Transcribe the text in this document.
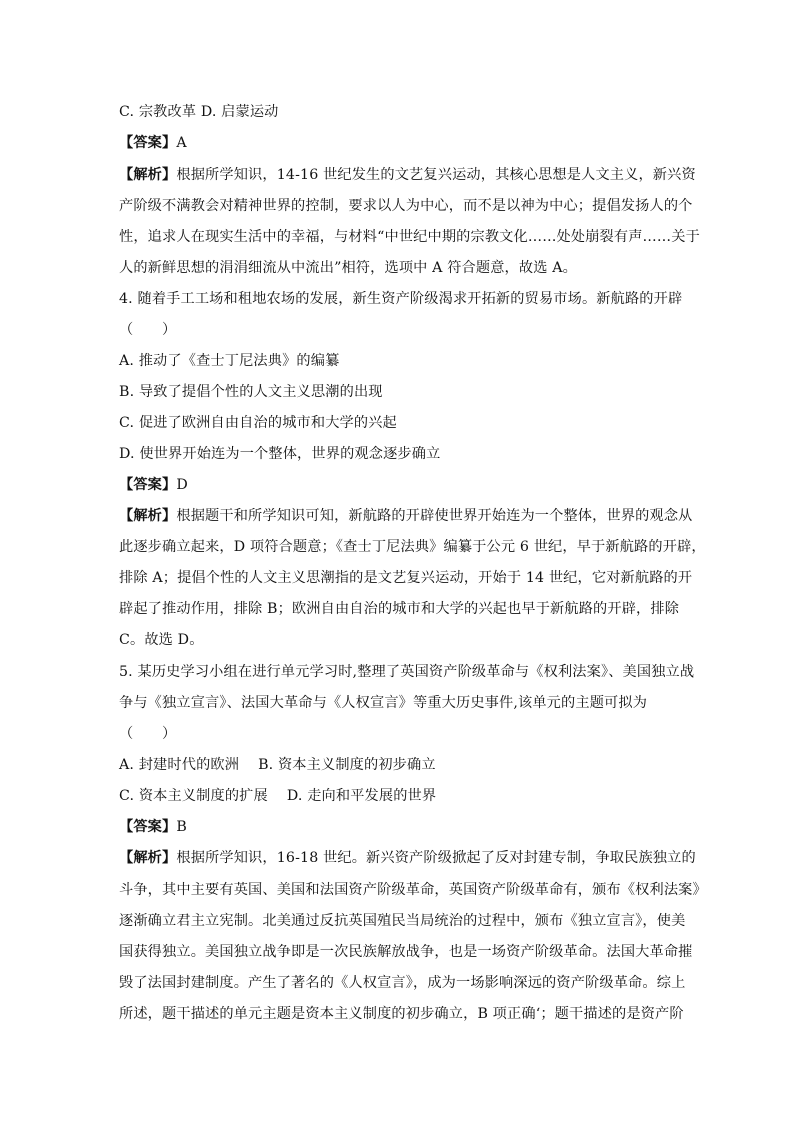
C. 宗教改革 D. 启蒙运动
【答案】A
【解析】根据所学知识，14-16 世纪发生的文艺复兴运动，其核心思想是人文主义，新兴资
产阶级不满教会对精神世界的控制，要求以人为中心，而不是以神为中心；提倡发扬人的个
性，追求人在现实生活中的幸福，与材料“中世纪中期的宗教文化……处处崩裂有声……关于
人的新鲜思想的涓涓细流从中流出”相符，选项中 A 符合题意，故选 A。
4. 随着手工工场和租地农场的发展，新生资产阶级渴求开拓新的贸易市场。新航路的开辟
（　　）
A. 推动了《查士丁尼法典》的编纂
B. 导致了提倡个性的人文主义思潮的出现
C. 促进了欧洲自由自治的城市和大学的兴起
D. 使世界开始连为一个整体，世界的观念逐步确立
【答案】D
【解析】根据题干和所学知识可知，新航路的开辟使世界开始连为一个整体，世界的观念从
此逐步确立起来，D 项符合题意；《查士丁尼法典》编纂于公元 6 世纪，早于新航路的开辟，
排除 A；提倡个性的人文主义思潮指的是文艺复兴运动，开始于 14 世纪，它对新航路的开
辟起了推动作用，排除 B；欧洲自由自治的城市和大学的兴起也早于新航路的开辟，排除
C。故选 D。
5. 某历史学习小组在进行单元学习时,整理了英国资产阶级革命与《权利法案》、美国独立战
争与《独立宣言》、法国大革命与《人权宣言》等重大历史事件,该单元的主题可拟为
（　　）
A. 封建时代的欧洲　 B. 资本主义制度的初步确立
C. 资本主义制度的扩展　 D. 走向和平发展的世界
【答案】B
【解析】根据所学知识，16-18 世纪。新兴资产阶级掀起了反对封建专制，争取民族独立的
斗争，其中主要有英国、美国和法国资产阶级革命，英国资产阶级革命有，颁布《权利法案》
逐渐确立君主立宪制。北美通过反抗英国殖民当局统治的过程中，颁布《独立宣言》，使美
国获得独立。美国独立战争即是一次民族解放战争，也是一场资产阶级革命。法国大革命摧
毁了法国封建制度。产生了著名的《人权宣言》，成为一场影响深远的资产阶级革命。综上
所述，题干描述的单元主题是资本主义制度的初步确立，B 项正确‘；题干描述的是资产阶
